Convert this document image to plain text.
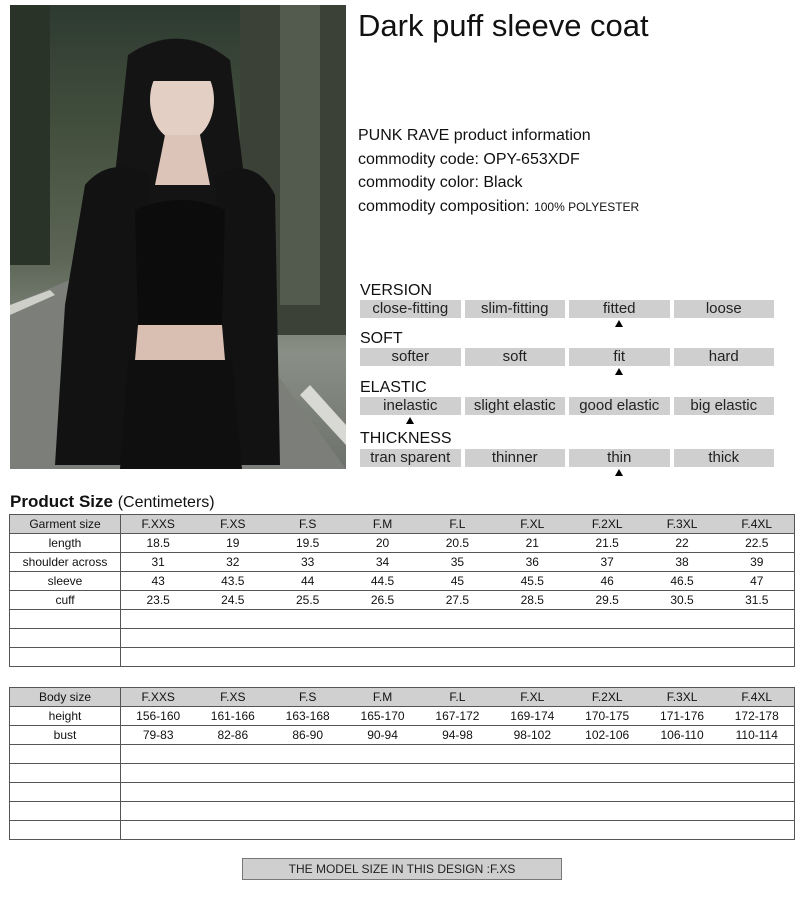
Dark puff sleeve coat
PUNK RAVE product information
commodity code: OPY-653XDF
commodity color: Black
commodity composition: 100% POLYESTER
VERSION
close-fitting	slim-fitting	fitted	loose
SOFT
softer	soft	fit	hard
ELASTIC
inelastic	slight elastic	good elastic	big elastic
THICKNESS
tran sparent	thinner	thin	thick
Product Size (Centimeters)
Garment size	F.XXS	F.XS	F.S	F.M	F.L	F.XL	F.2XL	F.3XL	F.4XL
length	18.5	19	19.5	20	20.5	21	21.5	22	22.5
shoulder across	31	32	33	34	35	36	37	38	39
sleeve	43	43.5	44	44.5	45	45.5	46	46.5	47
cuff	23.5	24.5	25.5	26.5	27.5	28.5	29.5	30.5	31.5

Body size	F.XXS	F.XS	F.S	F.M	F.L	F.XL	F.2XL	F.3XL	F.4XL
height	156-160	161-166	163-168	165-170	167-172	169-174	170-175	171-176	172-178
bust	79-83	82-86	86-90	90-94	94-98	98-102	102-106	106-110	110-114

THE MODEL SIZE IN THIS DESIGN :F.XS
